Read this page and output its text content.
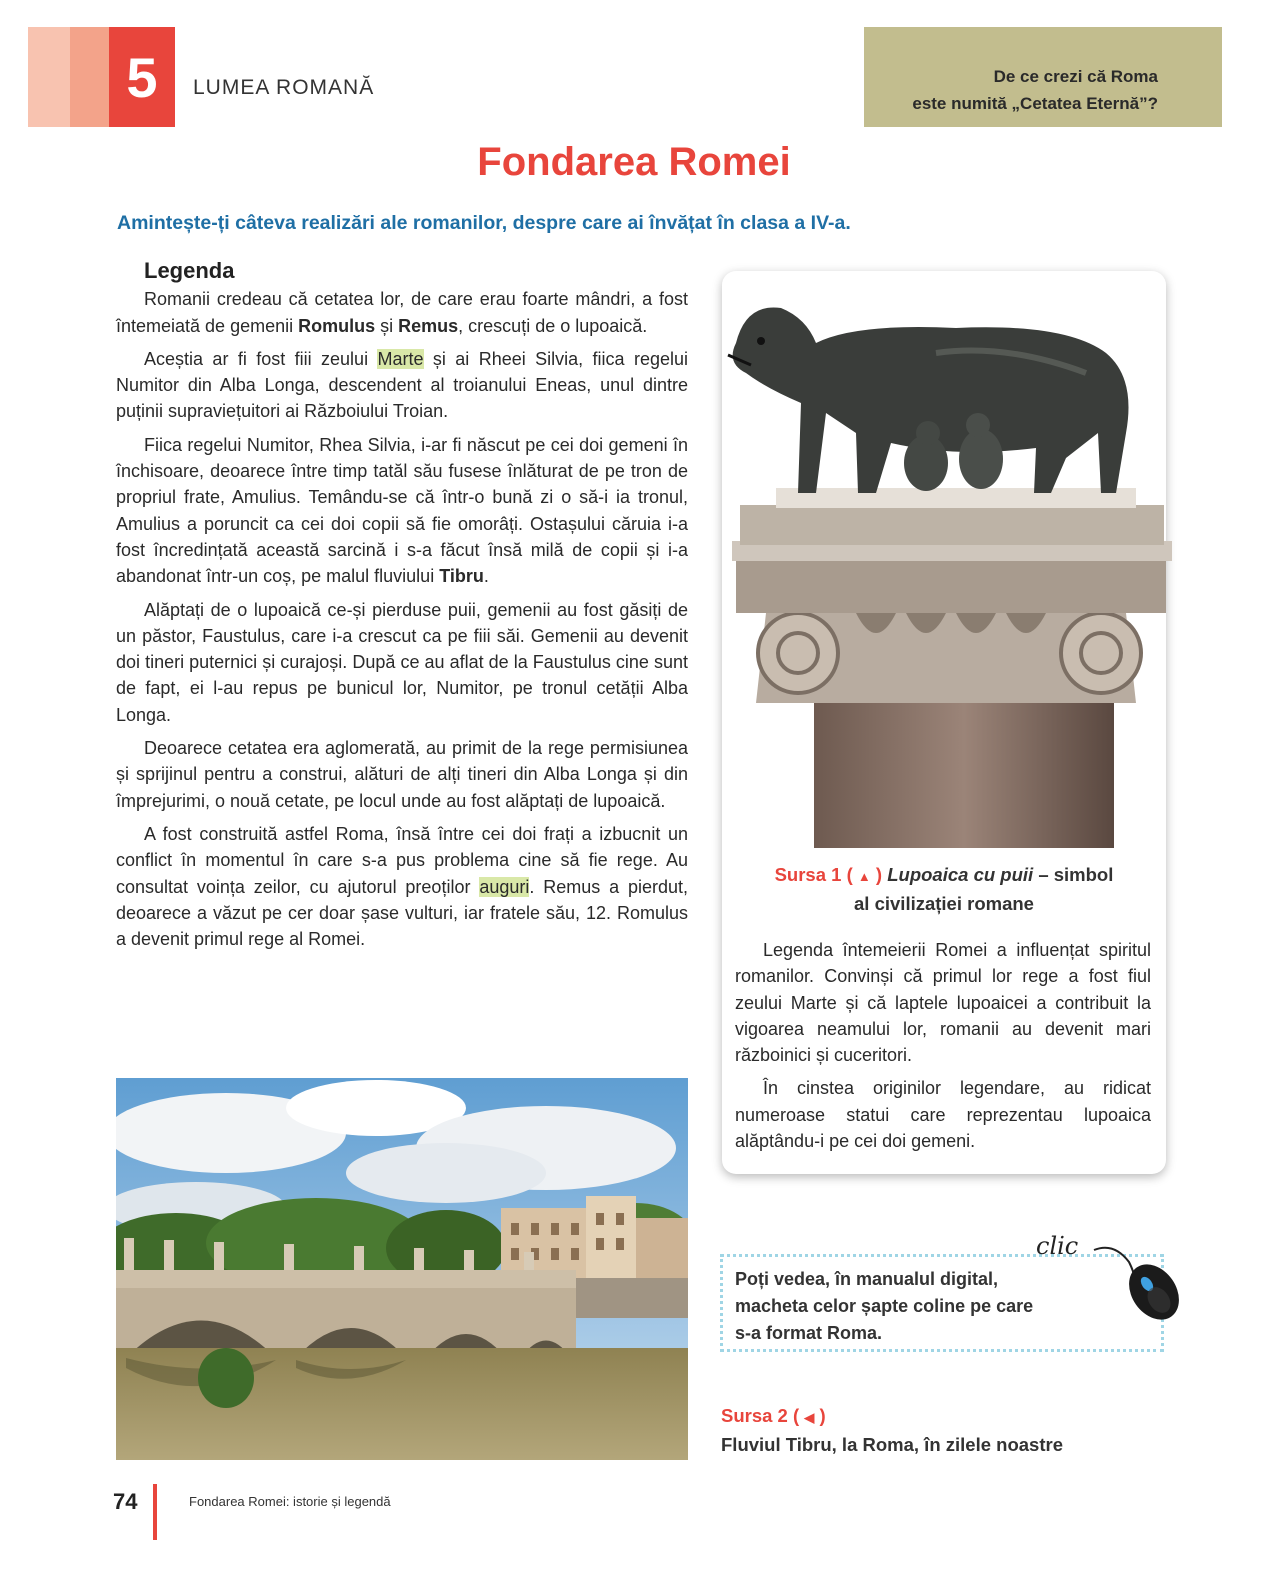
5	LUMEA ROMANĂ	De ce crezi că Roma
este numită „Cetatea Eternă”?
Fondarea Romei
Amintește-ți câteva realizări ale romanilor, despre care ai învățat în clasa a IV-a.
Legenda

Romanii credeau că cetatea lor, de care erau foarte mândri, a fost întemeiată de gemenii Romulus și Remus, crescuți de o lupoaică.

Aceștia ar fi fost fiii zeului Marte și ai Rheei Silvia, fiica regelui Numitor din Alba Longa, descendent al troianului Eneas, unul dintre puținii supraviețuitori ai Războiului Troian.

Fiica regelui Numitor, Rhea Silvia, i-ar fi născut pe cei doi gemeni în închisoare, deoarece între timp tatăl său fusese înlăturat de pe tron de propriul frate, Amulius. Temându-se că într-o bună zi o să-i ia tronul, Amulius a poruncit ca cei doi copii să fie omorâți. Ostașului căruia i-a fost încredințată această sarcină i s-a făcut însă milă de copii și i-a abandonat într-un coș, pe malul fluviului Tibru.

Alăptați de o lupoaică ce-și pierduse puii, gemenii au fost găsiți de un păstor, Faustulus, care i-a crescut ca pe fiii săi. Gemenii au devenit doi tineri puternici și curajoși. După ce au aflat de la Faustulus cine sunt de fapt, ei l-au repus pe bunicul lor, Numitor, pe tronul cetății Alba Longa.

Deoarece cetatea era aglomerată, au primit de la rege permisiunea și sprijinul pentru a construi, alături de alți tineri din Alba Longa și din împrejurimi, o nouă cetate, pe locul unde au fost alăptați de lupoaică.

A fost construită astfel Roma, însă între cei doi frați a izbucnit un conflict în momentul în care s-a pus problema cine să fie rege. Au consultat voința zeilor, cu ajutorul preoților auguri. Remus a pierdut, deoarece a văzut pe cer doar șase vulturi, iar fratele său, 12. Romulus a devenit primul rege al Romei.

Sursa 1 ( ▲ ) Lupoaica cu puii – simbol
al civilizației romane

Legenda întemeierii Romei a influențat spiritul romanilor. Convinși că primul lor rege a fost fiul zeului Marte și că laptele lupoaicei a contribuit la vigoarea neamului lor, romanii au devenit mari războinici și cuceritori.

În cinstea originilor legendare, au ridicat numeroase statui care reprezentau lupoaica alăptându-i pe cei doi gemeni.

Poți vedea, în manualul digital,
macheta celor șapte coline pe care
s-a format Roma.
clic
Sursa 2 ( ◀ )
Fluviul Tibru, la Roma, în zilele noastre
74	Fondarea Romei: istorie și legendă
